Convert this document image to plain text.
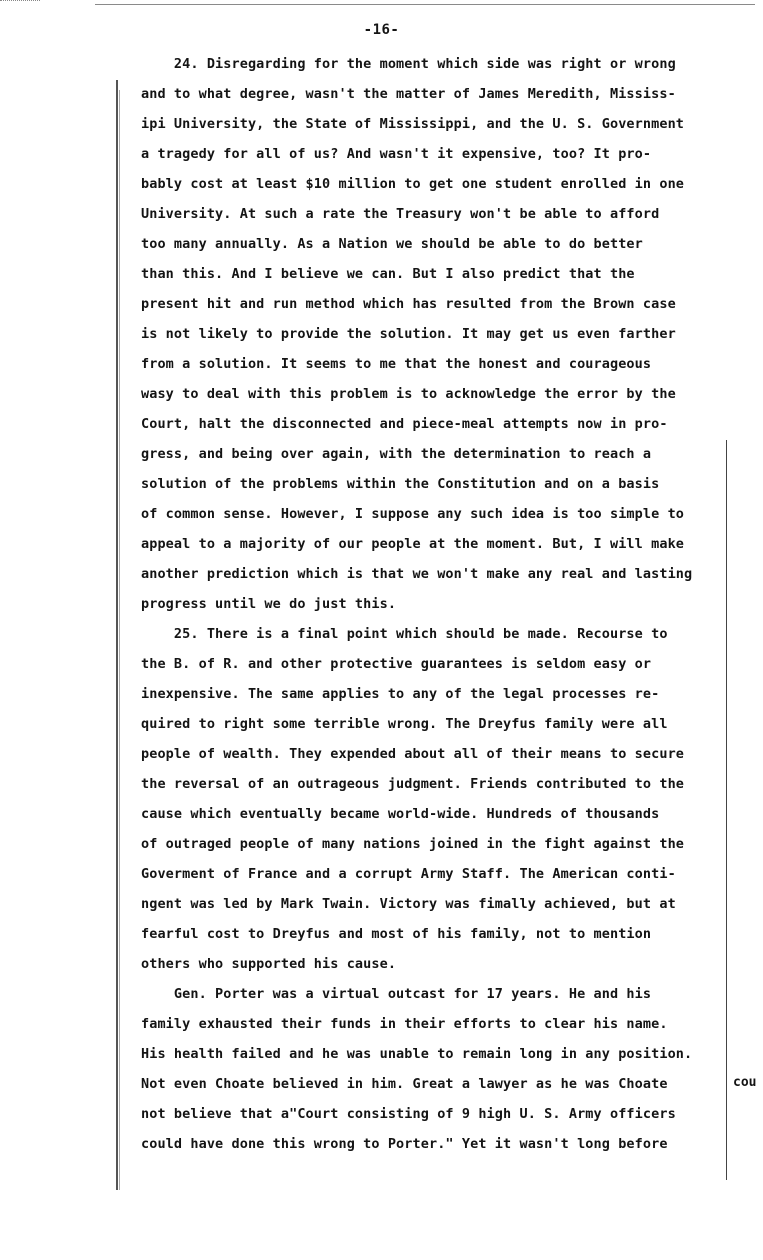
-16-
24. Disregarding for the moment which side was right or wrong
and to what degree, wasn't the matter of James Meredith, Mississ-
ipi University, the State of Mississippi, and the U. S. Government
a tragedy for all of us? And wasn't it expensive, too? It pro-
bably cost at least $10 million to get one student enrolled in one
University. At such a rate the Treasury won't be able to afford
too many annually. As a Nation we should be able to do better
than this. And I believe we can. But I also predict that the
present hit and run method which has resulted from the Brown case
is not likely to provide the solution. It may get us even farther
from a solution. It seems to me that the honest and courageous
wasy to deal with this problem is to acknowledge the error by the
Court, halt the disconnected and piece-meal attempts now in pro-
gress, and being over again, with the determination to reach a
solution of the problems within the Constitution and on a basis
of common sense. However, I suppose any such idea is too simple to
appeal to a majority of our people at the moment. But, I will make
another prediction which is that we won't make any real and lasting
progress until we do just this.
25. There is a final point which should be made. Recourse to
the B. of R. and other protective guarantees is seldom easy or
inexpensive. The same applies to any of the legal processes re-
quired to right some terrible wrong. The Dreyfus family were all
people of wealth. They expended about all of their means to secure
the reversal of an outrageous judgment. Friends contributed to the
cause which eventually became world-wide. Hundreds of thousands
of outraged people of many nations joined in the fight against the
Goverment of France and a corrupt Army Staff. The American conti-
ngent was led by Mark Twain. Victory was fimally achieved, but at
fearful cost to Dreyfus and most of his family, not to mention
others who supported his cause.
Gen. Porter was a virtual outcast for 17 years. He and his
family exhausted their funds in their efforts to clear his name.
His health failed and he was unable to remain long in any position.
Not even Choate believed in him. Great a lawyer as he was Choate
not believe that a"Court consisting of 9 high U. S. Army officers
could have done this wrong to Porter." Yet it wasn't long before
cou
